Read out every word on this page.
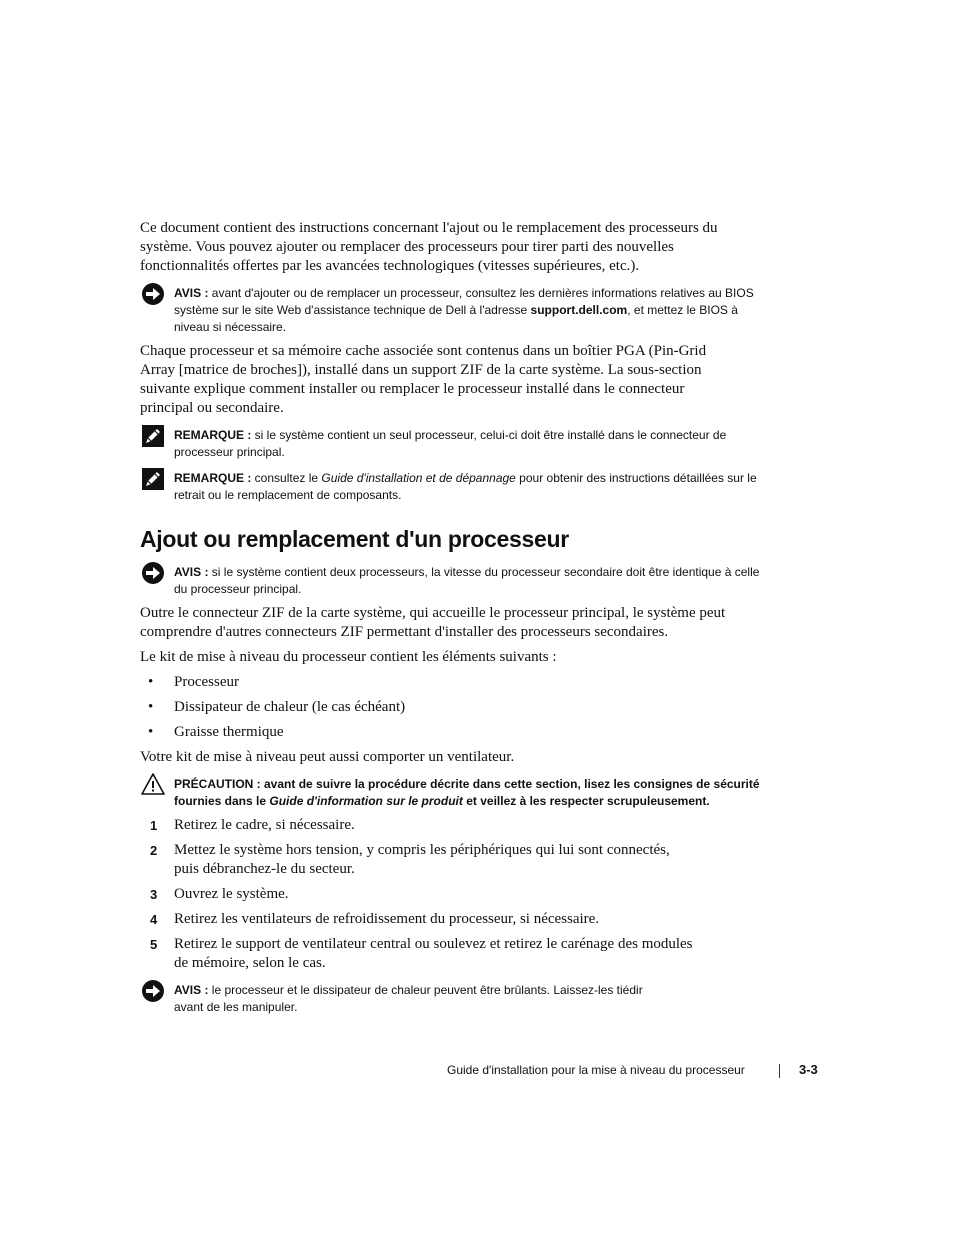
Ce document contient des instructions concernant l'ajout ou le remplacement des processeurs du système. Vous pouvez ajouter ou remplacer des processeurs pour tirer parti des nouvelles fonctionnalités offertes par les avancées technologiques (vitesses supérieures, etc.).
AVIS : avant d'ajouter ou de remplacer un processeur, consultez les dernières informations relatives au BIOS système sur le site Web d'assistance technique de Dell à l'adresse support.dell.com, et mettez le BIOS à niveau si nécessaire.
Chaque processeur et sa mémoire cache associée sont contenus dans un boîtier PGA (Pin-Grid Array [matrice de broches]), installé dans un support ZIF de la carte système. La sous-section suivante explique comment installer ou remplacer le processeur installé dans le connecteur principal ou secondaire.
REMARQUE : si le système contient un seul processeur, celui-ci doit être installé dans le connecteur de processeur principal.
REMARQUE : consultez le Guide d'installation et de dépannage pour obtenir des instructions détaillées sur le retrait ou le remplacement de composants.
Ajout ou remplacement d'un processeur
AVIS : si le système contient deux processeurs, la vitesse du processeur secondaire doit être identique à celle du processeur principal.
Outre le connecteur ZIF de la carte système, qui accueille le processeur principal, le système peut comprendre d'autres connecteurs ZIF permettant d'installer des processeurs secondaires.
Le kit de mise à niveau du processeur contient les éléments suivants :
• Processeur
• Dissipateur de chaleur (le cas échéant)
• Graisse thermique
Votre kit de mise à niveau peut aussi comporter un ventilateur.
PRÉCAUTION : avant de suivre la procédure décrite dans cette section, lisez les consignes de sécurité fournies dans le Guide d'information sur le produit et veillez à les respecter scrupuleusement.
1 Retirez le cadre, si nécessaire.
2 Mettez le système hors tension, y compris les périphériques qui lui sont connectés,
puis débranchez-le du secteur.
3 Ouvrez le système.
4 Retirez les ventilateurs de refroidissement du processeur, si nécessaire.
5 Retirez le support de ventilateur central ou soulevez et retirez le carénage des modules
de mémoire, selon le cas.
AVIS : le processeur et le dissipateur de chaleur peuvent être brûlants. Laissez-les tiédir
avant de les manipuler.
Guide d'installation pour la mise à niveau du processeur	3-3
